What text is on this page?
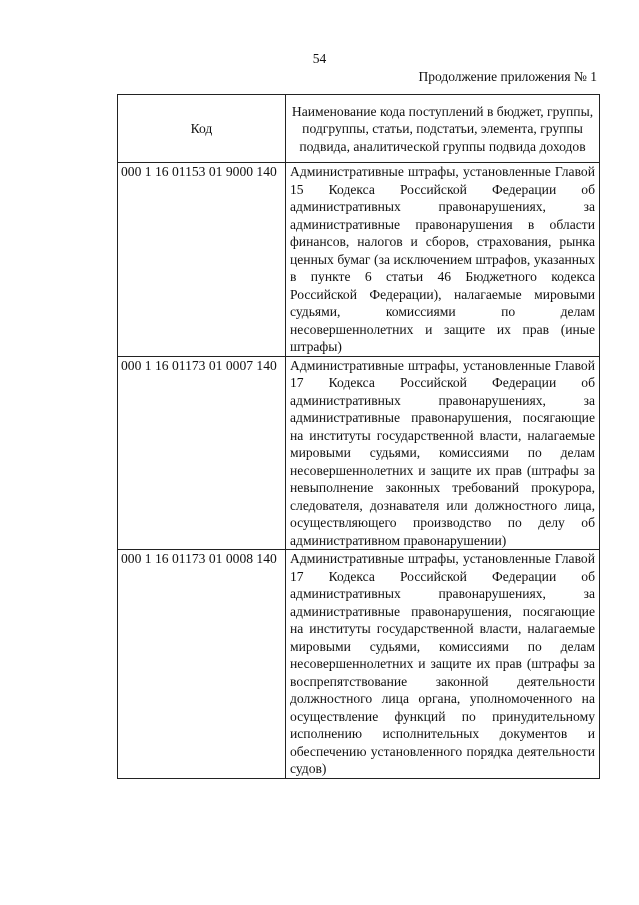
54
Продолжение приложения № 1
Код	Наименование кода поступлений в бюджет, группы, подгруппы, статьи, подстатьи, элемента, группы подвида, аналитической группы подвида доходов
000 1 16 01153 01 9000 140	Административные штрафы, установленные Главой 15 Кодекса Российской Федерации об административных правонарушениях, за административные правонарушения в области финансов, налогов и сборов, страхования, рынка ценных бумаг (за исключением штрафов, указанных в пункте 6 статьи 46 Бюджетного кодекса Российской Федерации), налагаемые мировыми судьями, комиссиями по делам несовершеннолетних и защите их прав (иные штрафы)
000 1 16 01173 01 0007 140	Административные штрафы, установленные Главой 17 Кодекса Российской Федерации об административных правонарушениях, за административные правонарушения, посягающие на институты государственной власти, налагаемые мировыми судьями, комиссиями по делам несовершеннолетних и защите их прав (штрафы за невыполнение законных требований прокурора, следователя, дознавателя или должностного лица, осуществляющего производство по делу об административном правонарушении)
000 1 16 01173 01 0008 140	Административные штрафы, установленные Главой 17 Кодекса Российской Федерации об административных правонарушениях, за административные правонарушения, посягающие на институты государственной власти, налагаемые мировыми судьями, комиссиями по делам несовершеннолетних и защите их прав (штрафы за воспрепятствование законной деятельности должностного лица органа, уполномоченного на осуществление функций по принудительному исполнению исполнительных документов и обеспечению установленного порядка деятельности судов)
